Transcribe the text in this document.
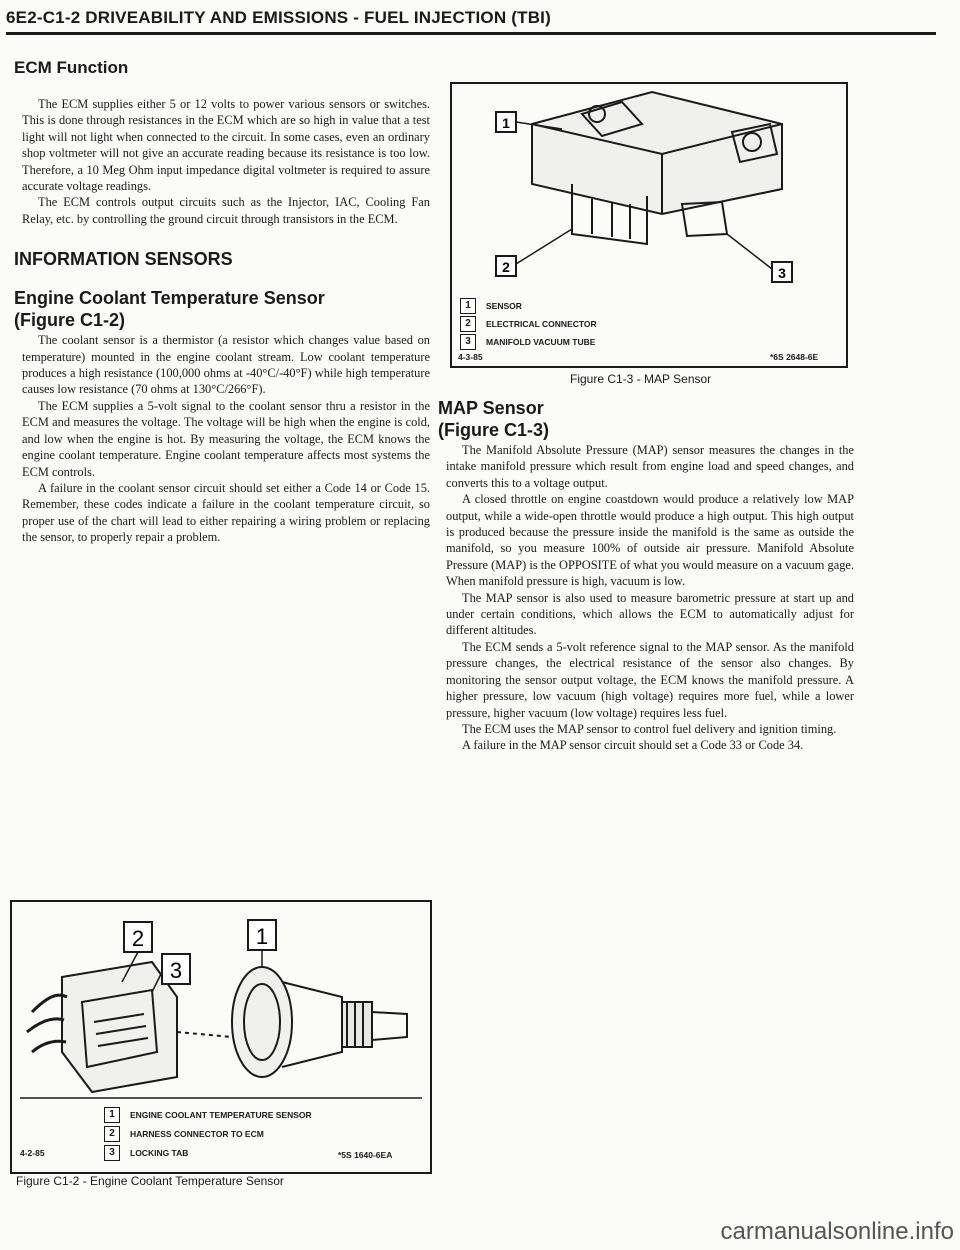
6E2-C1-2 DRIVEABILITY AND EMISSIONS - FUEL INJECTION (TBI)
ECM Function

The ECM supplies either 5 or 12 volts to power various sensors or switches. This is done through resistances in the ECM which are so high in value that a test light will not light when connected to the circuit. In some cases, even an ordinary shop voltmeter will not give an accurate reading because its resistance is too low. Therefore, a 10 Meg Ohm input impedance digital voltmeter is required to assure accurate voltage readings.

The ECM controls output circuits such as the Injector, IAC, Cooling Fan Relay, etc. by controlling the ground circuit through transistors in the ECM.

INFORMATION SENSORS
Engine Coolant Temperature Sensor
(Figure C1-2)

The coolant sensor is a thermistor (a resistor which changes value based on temperature) mounted in the engine coolant stream. Low coolant temperature produces a high resistance (100,000 ohms at -40°C/-40°F) while high temperature causes low resistance (70 ohms at 130°C/266°F).

The ECM supplies a 5-volt signal to the coolant sensor thru a resistor in the ECM and measures the voltage. The voltage will be high when the engine is cold, and low when the engine is hot. By measuring the voltage, the ECM knows the engine coolant temperature. Engine coolant temperature affects most systems the ECM controls.

A failure in the coolant sensor circuit should set either a Code 14 or Code 15. Remember, these codes indicate a failure in the coolant temperature circuit, so proper use of the chart will lead to either repairing a wiring problem or replacing the sensor, to properly repair a problem.

2
3
1
1	ENGINE COOLANT TEMPERATURE SENSOR
2	HARNESS CONNECTOR TO ECM
3	LOCKING TAB
4-2-85	*5S 1640-6EA
Figure C1-2 - Engine Coolant Temperature Sensor
1
2	3
1	SENSOR
2	ELECTRICAL CONNECTOR
3	MANIFOLD VACUUM TUBE
4-3-85	*6S 2648-6E
Figure C1-3 - MAP Sensor
MAP Sensor
(Figure C1-3)

The Manifold Absolute Pressure (MAP) sensor measures the changes in the intake manifold pressure which result from engine load and speed changes, and converts this to a voltage output.

A closed throttle on engine coastdown would produce a relatively low MAP output, while a wide-open throttle would produce a high output. This high output is produced because the pressure inside the manifold is the same as outside the manifold, so you measure 100% of outside air pressure. Manifold Absolute Pressure (MAP) is the OPPOSITE of what you would measure on a vacuum gage. When manifold pressure is high, vacuum is low.

The MAP sensor is also used to measure barometric pressure at start up and under certain conditions, which allows the ECM to automatically adjust for different altitudes.

The ECM sends a 5-volt reference signal to the MAP sensor. As the manifold pressure changes, the electrical resistance of the sensor also changes. By monitoring the sensor output voltage, the ECM knows the manifold pressure. A higher pressure, low vacuum (high voltage) requires more fuel, while a lower pressure, higher vacuum (low voltage) requires less fuel.

The ECM uses the MAP sensor to control fuel delivery and ignition timing.

A failure in the MAP sensor circuit should set a Code 33 or Code 34.

carmanualsonline.info
